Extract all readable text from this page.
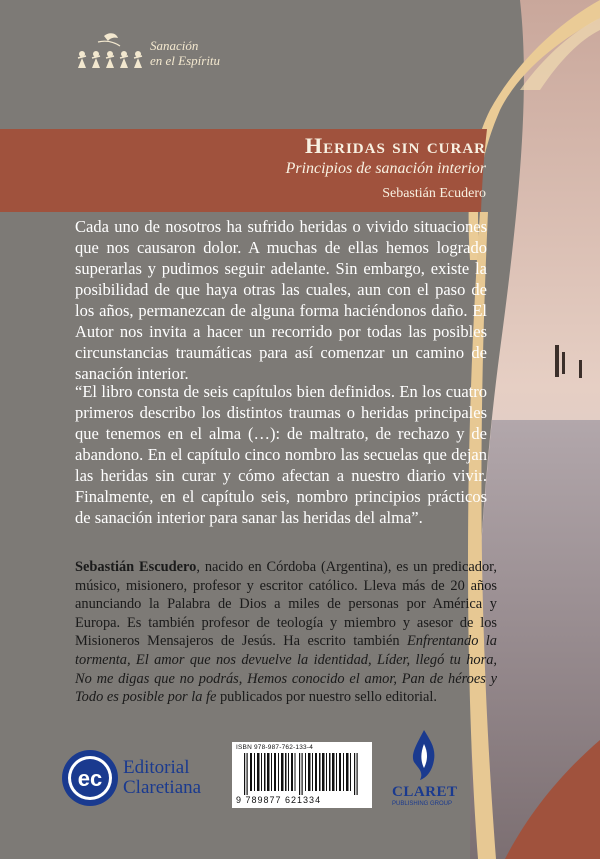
Sanación
en el Espíritu
Heridas sin curar
Principios de sanación interior
Sebastián Ecudero
Cada uno de nosotros ha sufrido heridas o vivido situaciones que nos causaron dolor. A muchas de ellas hemos logrado superarlas y pudimos seguir adelante. Sin embargo, existe la posibilidad de que haya otras las cuales, aun con el paso de los años, permanezcan de alguna forma haciéndonos daño. El Autor nos invita a hacer un recorrido por todas las posibles circunstancias traumáticas para así comenzar un camino de sanación interior.
“El libro consta de seis capítulos bien definidos. En los cuatro primeros describo los distintos traumas o heridas principales que tenemos en el alma (…): de maltrato, de rechazo y de abandono. En el capítulo cinco nombro las secuelas que dejan las heridas sin curar y cómo afectan a nuestro diario vivir. Finalmente, en el capítulo seis, nombro principios prácticos de sanación interior para sanar las heridas del alma”.
Sebastián Escudero, nacido en Córdoba (Argentina), es un predicador, músico, misionero, profesor y escritor católico. Lleva más de 20 años anunciando la Palabra de Dios a miles de personas por América y Europa. Es también profesor de teología y miembro y asesor de los Misioneros Mensajeros de Jesús. Ha escrito también Enfrentando la tormenta, El amor que nos devuelve la identidad, Líder, llegó tu hora, No me digas que no podrás, Hemos conocido el amor, Pan de héroes y Todo es posible por la fe publicados por nuestro sello editorial.
ec Editorial
Claretiana
ISBN 978-987-762-133-4
9 789877 621334	CLARET
PUBLISHING GROUP
